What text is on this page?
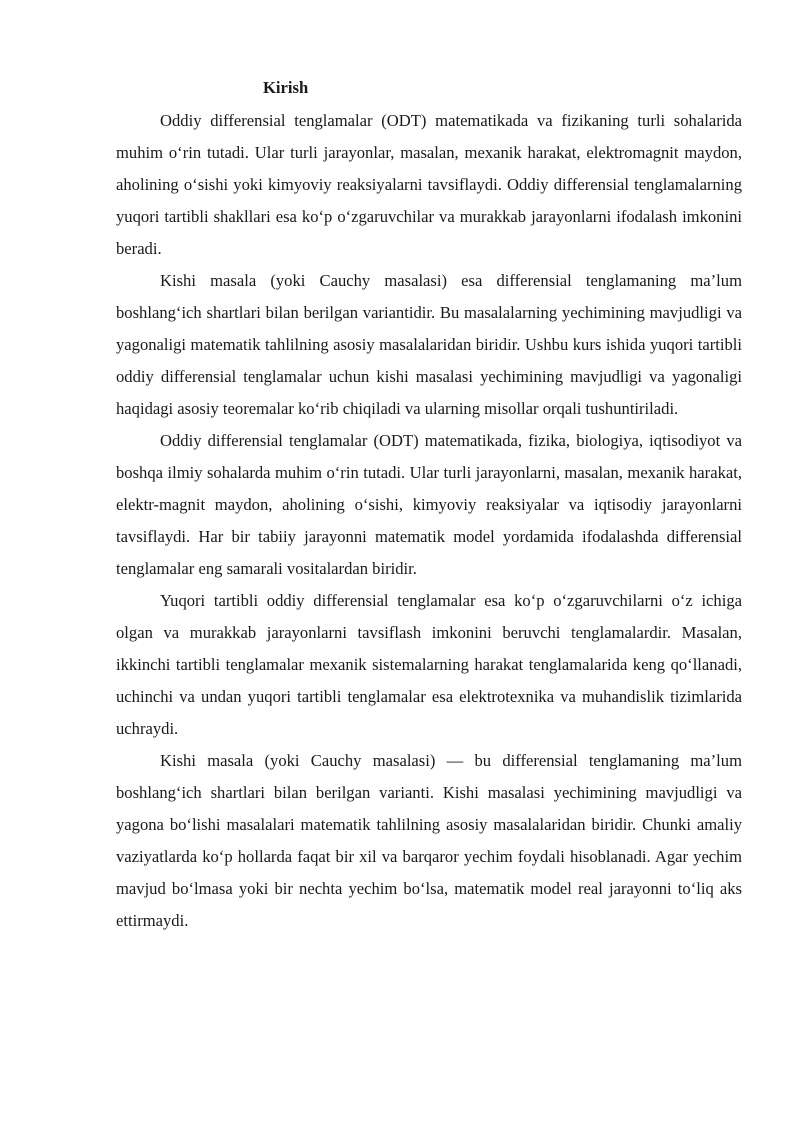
Kirish

Oddiy differensial tenglamalar (ODT) matematikada va fizikaning turli sohalarida muhim o‘rin tutadi. Ular turli jarayonlar, masalan, mexanik harakat, elektromagnit maydon, aholining o‘sishi yoki kimyoviy reaksiyalarni tavsiflaydi. Oddiy differensial tenglamalarning yuqori tartibli shakllari esa ko‘p o‘zgaruvchilar va murakkab jarayonlarni ifodalash imkonini beradi.

Kishi masala (yoki Cauchy masalasi) esa differensial tenglamaning ma’lum boshlang‘ich shartlari bilan berilgan variantidir. Bu masalalarning yechimining mavjudligi va yagonaligi matematik tahlilning asosiy masalalaridan biridir. Ushbu kurs ishida yuqori tartibli oddiy differensial tenglamalar uchun kishi masalasi yechimining mavjudligi va yagonaligi haqidagi asosiy teoremalar ko‘rib chiqiladi va ularning misollar orqali tushuntiriladi.

Oddiy differensial tenglamalar (ODT) matematikada, fizika, biologiya, iqtisodiyot va boshqa ilmiy sohalarda muhim o‘rin tutadi. Ular turli jarayonlarni, masalan, mexanik harakat, elektr-magnit maydon, aholining o‘sishi, kimyoviy reaksiyalar va iqtisodiy jarayonlarni tavsiflaydi. Har bir tabiiy jarayonni matematik model yordamida ifodalashda differensial tenglamalar eng samarali vositalardan biridir.

Yuqori tartibli oddiy differensial tenglamalar esa ko‘p o‘zgaruvchilarni o‘z ichiga olgan va murakkab jarayonlarni tavsiflash imkonini beruvchi tenglamalardir. Masalan, ikkinchi tartibli tenglamalar mexanik sistemalarning harakat tenglamalarida keng qo‘llanadi, uchinchi va undan yuqori tartibli tenglamalar esa elektrotexnika va muhandislik tizimlarida uchraydi.

Kishi masala (yoki Cauchy masalasi) — bu differensial tenglamaning ma’lum boshlang‘ich shartlari bilan berilgan varianti. Kishi masalasi yechimining mavjudligi va yagona bo‘lishi masalalari matematik tahlilning asosiy masalalaridan biridir. Chunki amaliy vaziyatlarda ko‘p hollarda faqat bir xil va barqaror yechim foydali hisoblanadi. Agar yechim mavjud bo‘lmasa yoki bir nechta yechim bo‘lsa, matematik model real jarayonni to‘liq aks ettirmaydi.
